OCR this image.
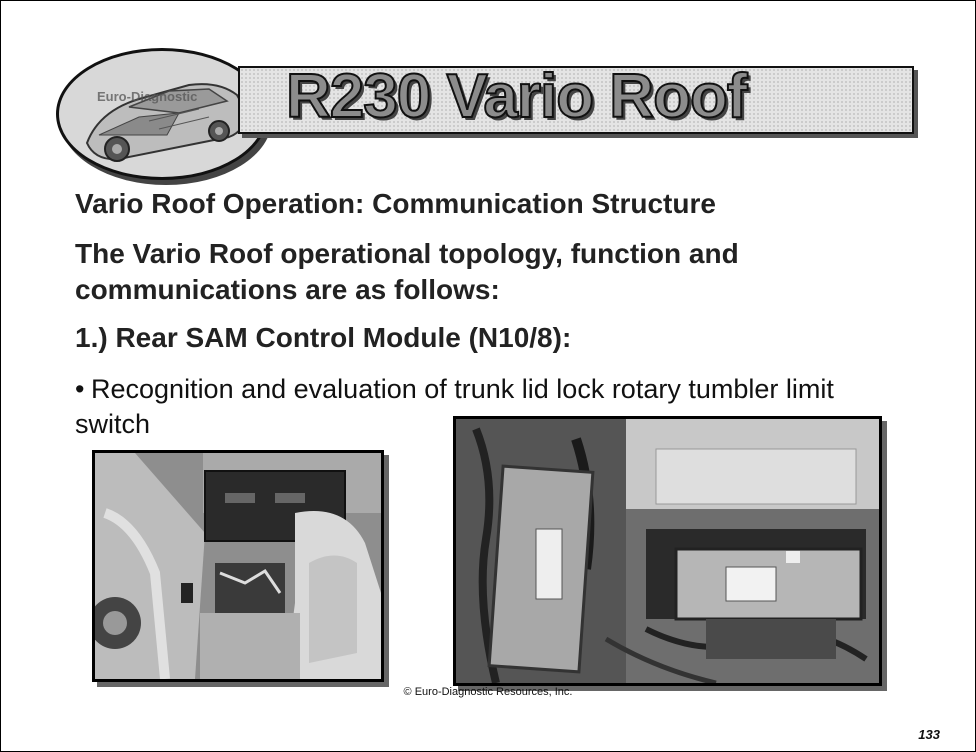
Euro-Diagnostic R230 Vario Roof
Vario Roof Operation: Communication Structure
The Vario Roof operational topology, function and communications are as follows:
1.) Rear SAM Control Module (N10/8):
• Recognition and evaluation of trunk lid lock rotary tumbler limit switch
© Euro-Diagnostic Resources, Inc.
133
